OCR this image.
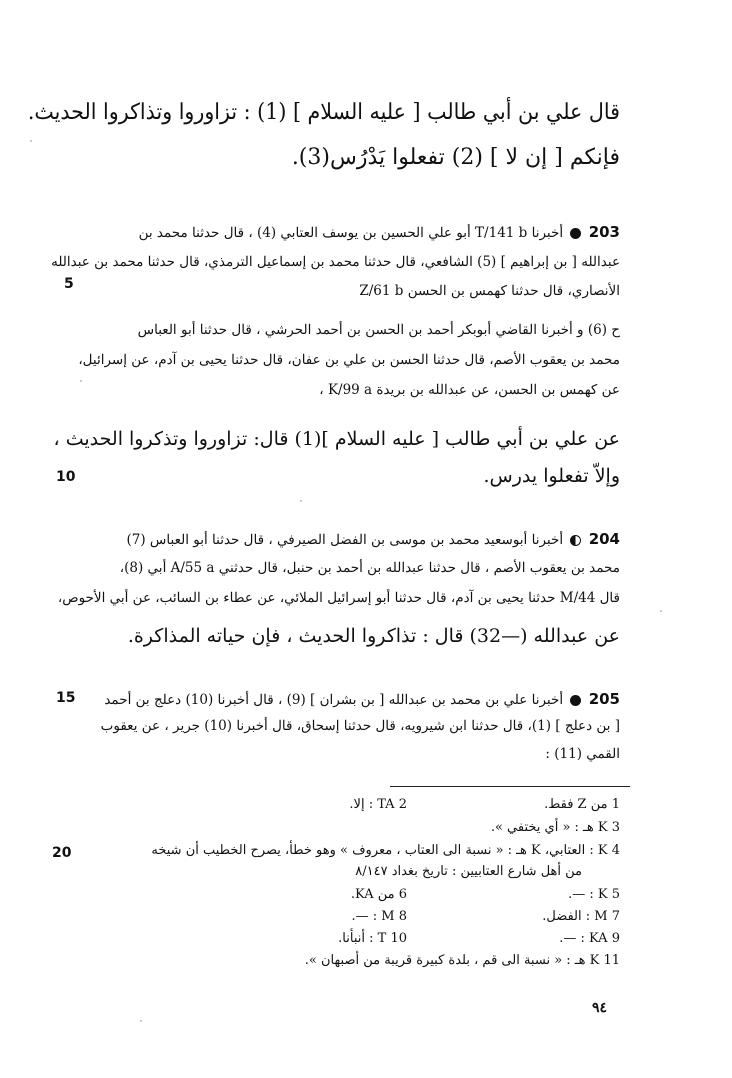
قال علي بن أبي طالب [ عليه السلام ] (1) : تزاوروا وتذاكروا الحديث.
فإنكم [ إن لا ] (2) تفعلوا يَدْرُس(3).
203  أخبرنا T/141 b أبو علي الحسين بن يوسف العتابي (4) ، قال حدثنا محمد بن
عبدالله [ بن إبراهيم ] (5) الشافعي، قال حدثنا محمد بن إسماعيل الترمذي، قال حدثنا محمد بن عبدالله
الأنصاري، قال حدثنا كهمس بن الحسن Z/61 b
ح (6) و أخبرنا القاضي أبوبكر أحمد بن الحسن بن أحمد الحرشي ، قال حدثنا أبو العباس
محمد بن يعقوب الأصم، قال حدثنا الحسن بن علي بن عفان، قال حدثنا يحيى بن آدم، عن إسرائيل،
عن كهمس بن الحسن، عن عبدالله بن بريدة K/99 a ،
عن علي بن أبي طالب [ عليه السلام ](1) قال: تزاوروا وتذكروا الحديث ،
وإلاّ تفعلوا يدرس.
204  أخبرنا أبوسعيد محمد بن موسى بن الفضل الصيرفي ، قال حدثنا أبو العباس (7)
محمد بن يعقوب الأصم ، قال حدثنا عبدالله بن أحمد بن حنبل، قال حدثني A/55 a أبي (8)،
قال M/44 حدثنا يحيى بن آدم، قال حدثنا أبو إسرائيل الملائي، عن عطاء بن السائب، عن أبي الأحوص،
عن عبدالله (—32) قال : تذاكروا الحديث ، فإن حياته المذاكرة.
205  أخبرنا علي بن محمد بن عبدالله [ بن بشران ] (9) ، قال أخبرنا (10) دعلج بن أحمد
[ بن دعلج ] (1)، قال حدثنا ابن شيرويه، قال حدثنا إسحاق، قال أخبرنا (10) جرير ، عن يعقوب
القمي (11) :
5
10
15
20
1 من Z فقط.
2 TA : إلا.
3 K هـ : « أي يختفي ».
4 K : العتابي، K هـ : « نسبة الى العتاب ، معروف » وهو خطأ، يصرح الخطيب أن شيخه
من أهل شارع العتابيين : تاريخ بغداد ٨/١٤٧
5 K : —.
6 من KA.
7 M : الفضل.
8 M : —.
9 KA : —.
10 T : أنبأنا.
11 K هـ : « نسبة الى قم ، بلدة كبيرة قريبة من أصبهان ».
٩٤
